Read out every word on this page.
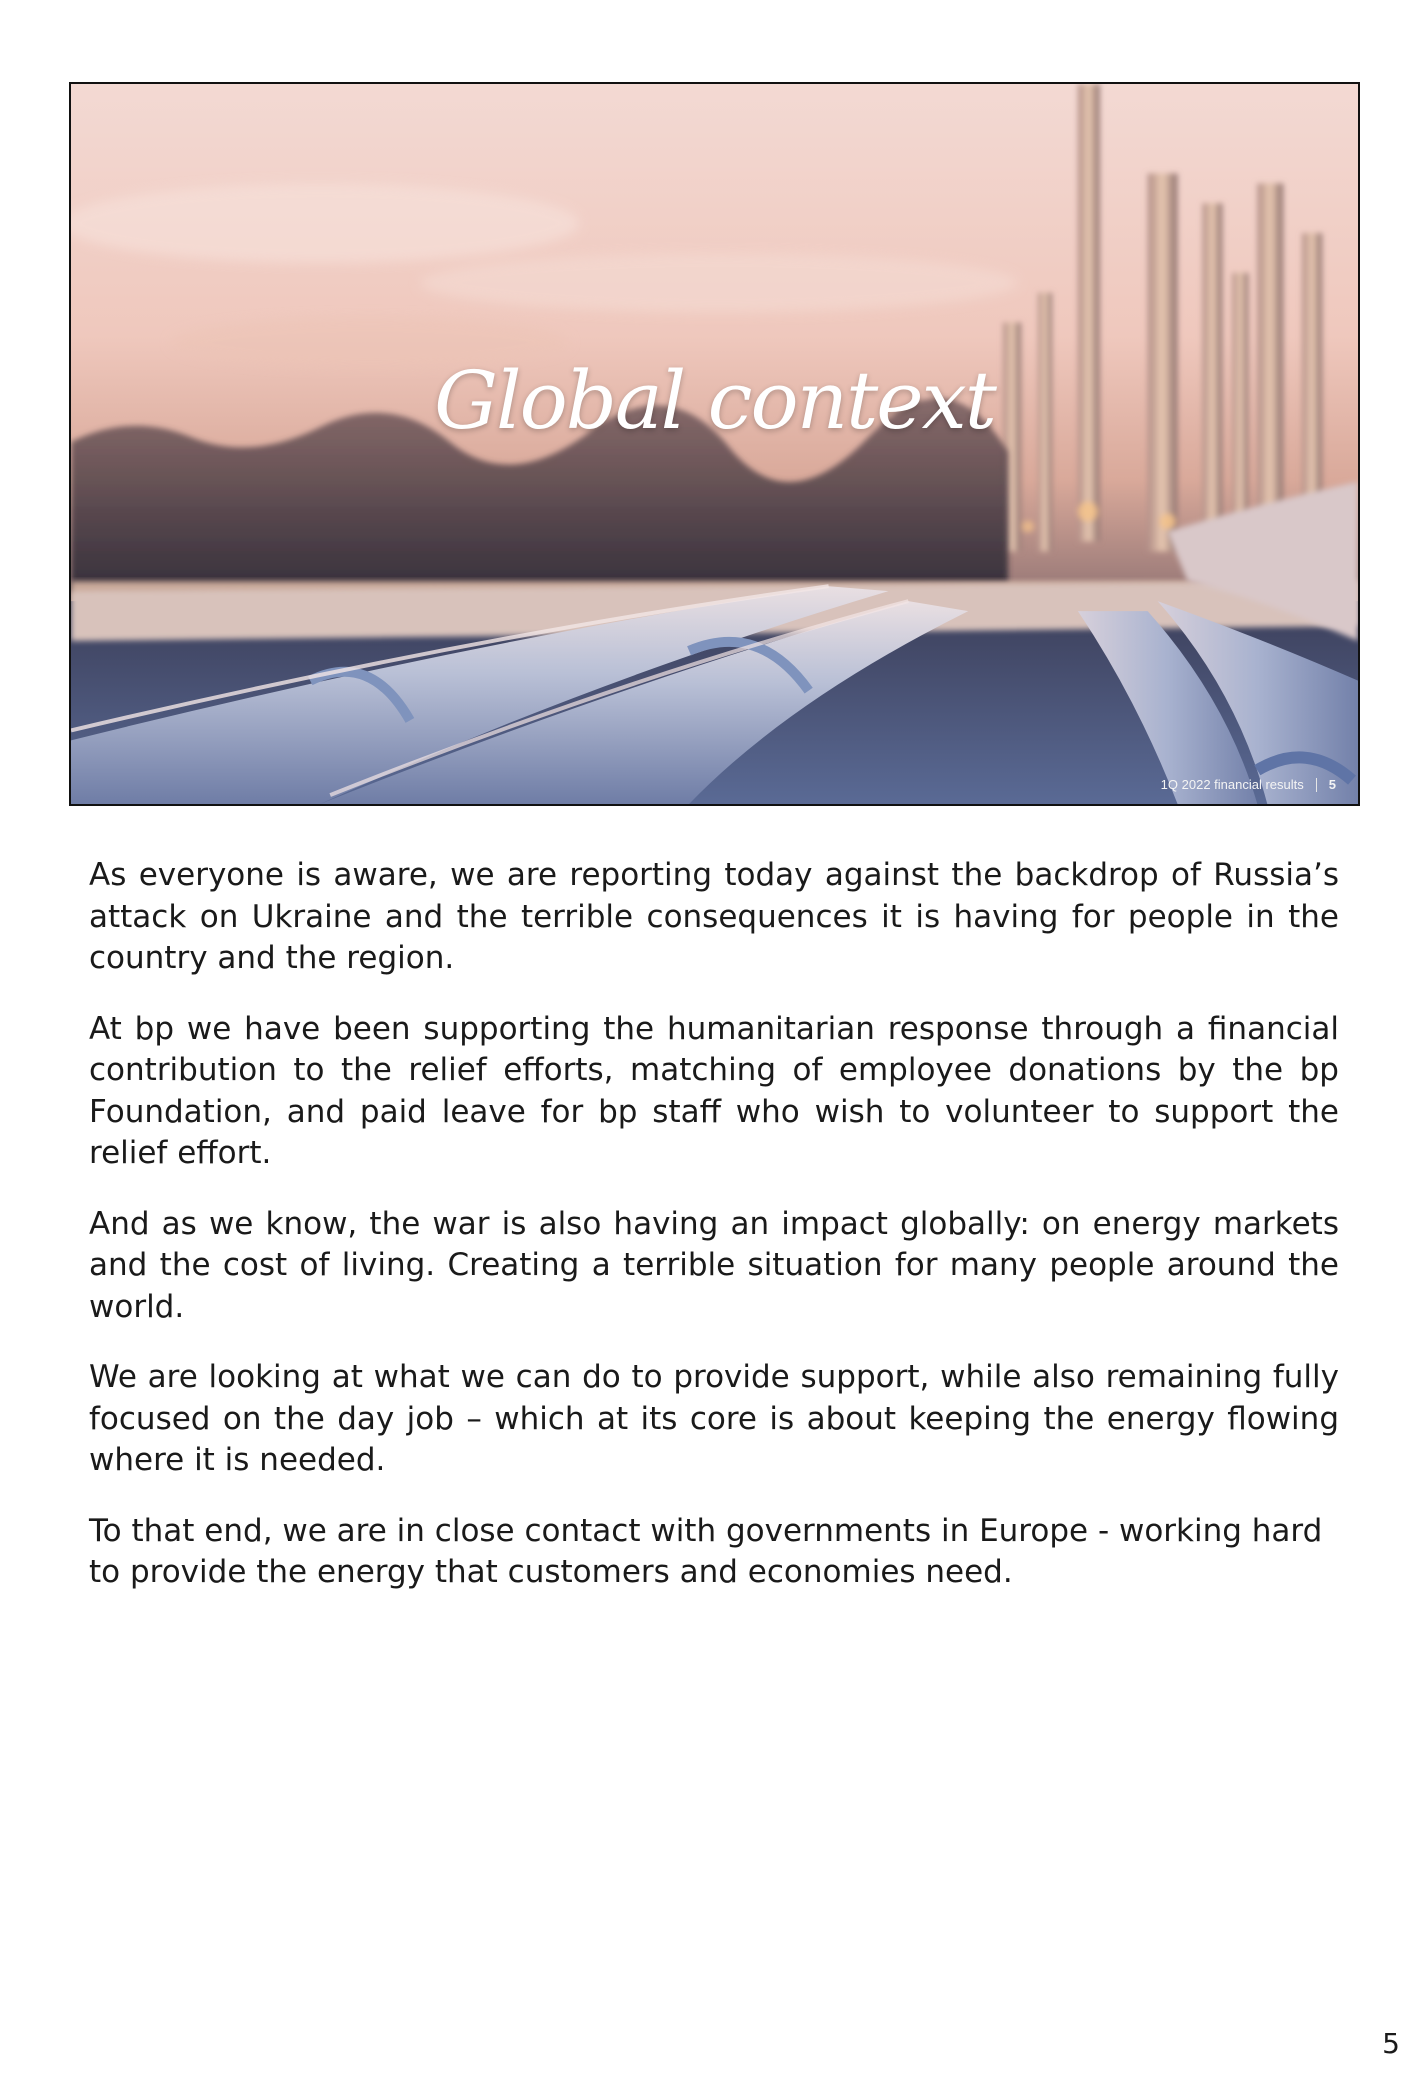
Global context
1Q 2022 financial results 5

As everyone is aware, we are reporting today against the backdrop of Russia’s attack on Ukraine and the terrible consequences it is having for people in the country and the region.

At bp we have been supporting the humanitarian response through a financial contribution to the relief efforts, matching of employee donations by the bp Foundation, and paid leave for bp staff who wish to volunteer to support the relief effort.

And as we know, the war is also having an impact globally: on energy markets and the cost of living. Creating a terrible situation for many people around the world.

We are looking at what we can do to provide support, while also remaining fully focused on the day job – which at its core is about keeping the energy flowing where it is needed.

To that end, we are in close contact with governments in Europe - working hard to provide the energy that customers and economies need.

5
